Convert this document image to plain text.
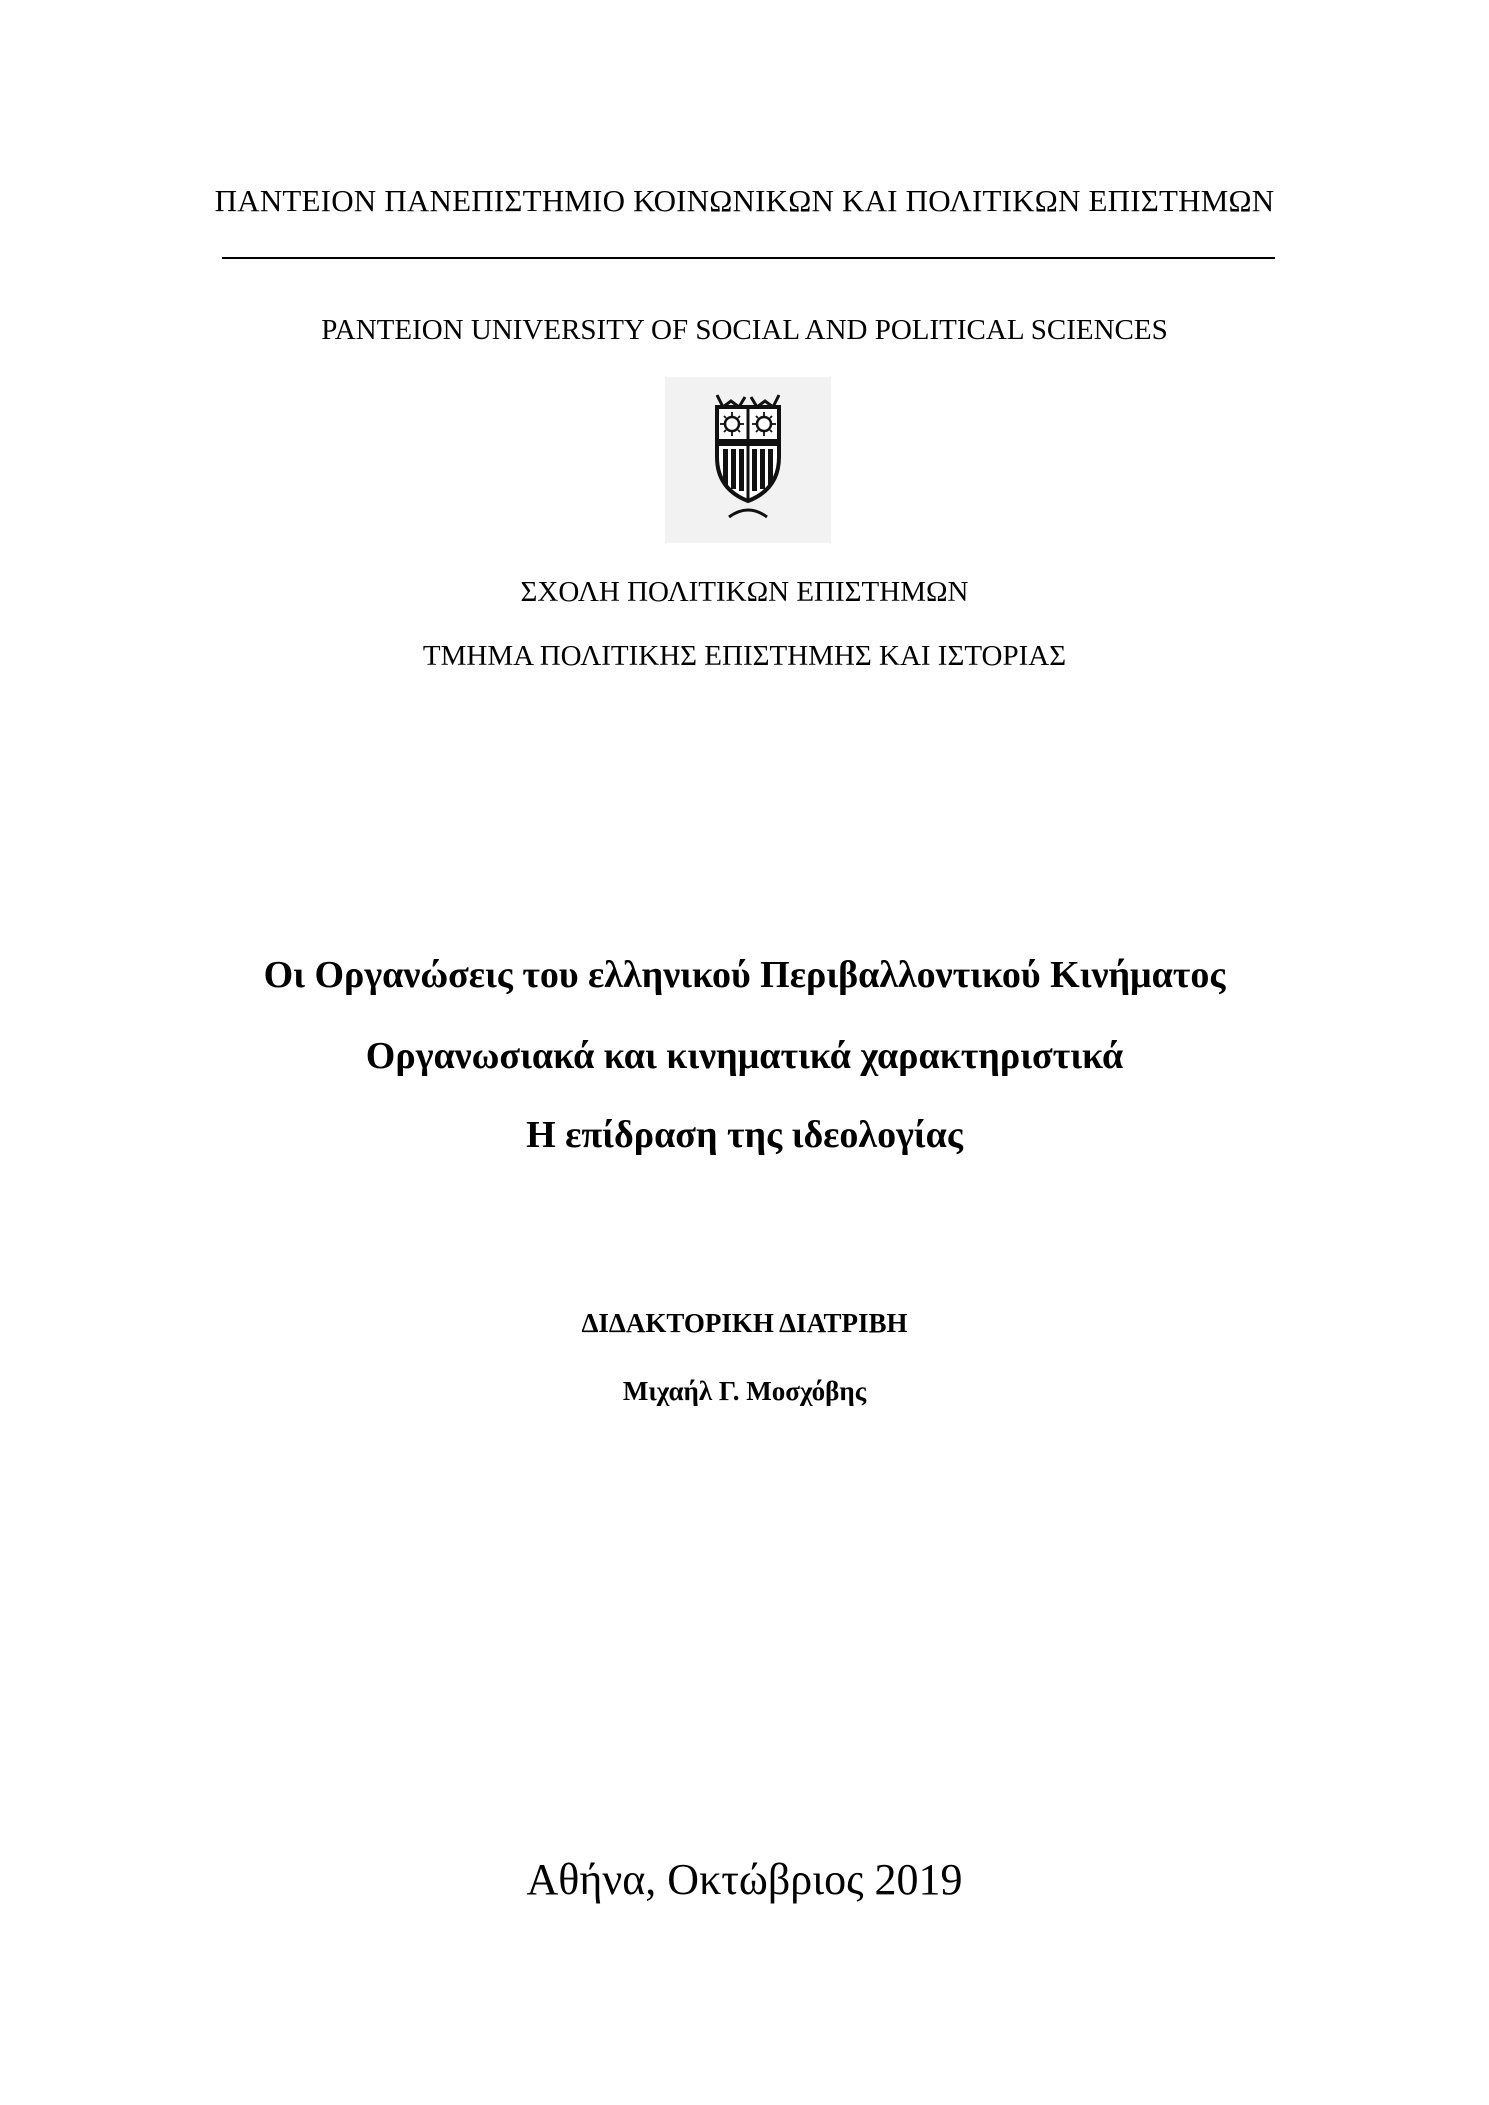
ΠΑΝΤΕΙΟΝ ΠΑΝΕΠΙΣΤΗΜΙΟ ΚΟΙΝΩΝΙΚΩΝ ΚΑΙ ΠΟΛΙΤΙΚΩΝ ΕΠΙΣΤΗΜΩΝ
PANTEION UNIVERSITY OF SOCIAL AND POLITICAL SCIENCES
ΣΧΟΛΗ ΠΟΛΙΤΙΚΩΝ ΕΠΙΣΤΗΜΩΝ
ΤΜΗΜΑ ΠΟΛΙΤΙΚΗΣ ΕΠΙΣΤΗΜΗΣ ΚΑΙ ΙΣΤΟΡΙΑΣ
Οι Οργανώσεις του ελληνικού Περιβαλλοντικού Κινήματος
Οργανωσιακά και κινηματικά χαρακτηριστικά
Η επίδραση της ιδεολογίας
ΔΙΔΑΚΤΟΡΙΚΗ ΔΙΑΤΡΙΒΗ
Μιχαήλ Γ. Μοσχόβης
Αθήνα, Οκτώβριος 2019
